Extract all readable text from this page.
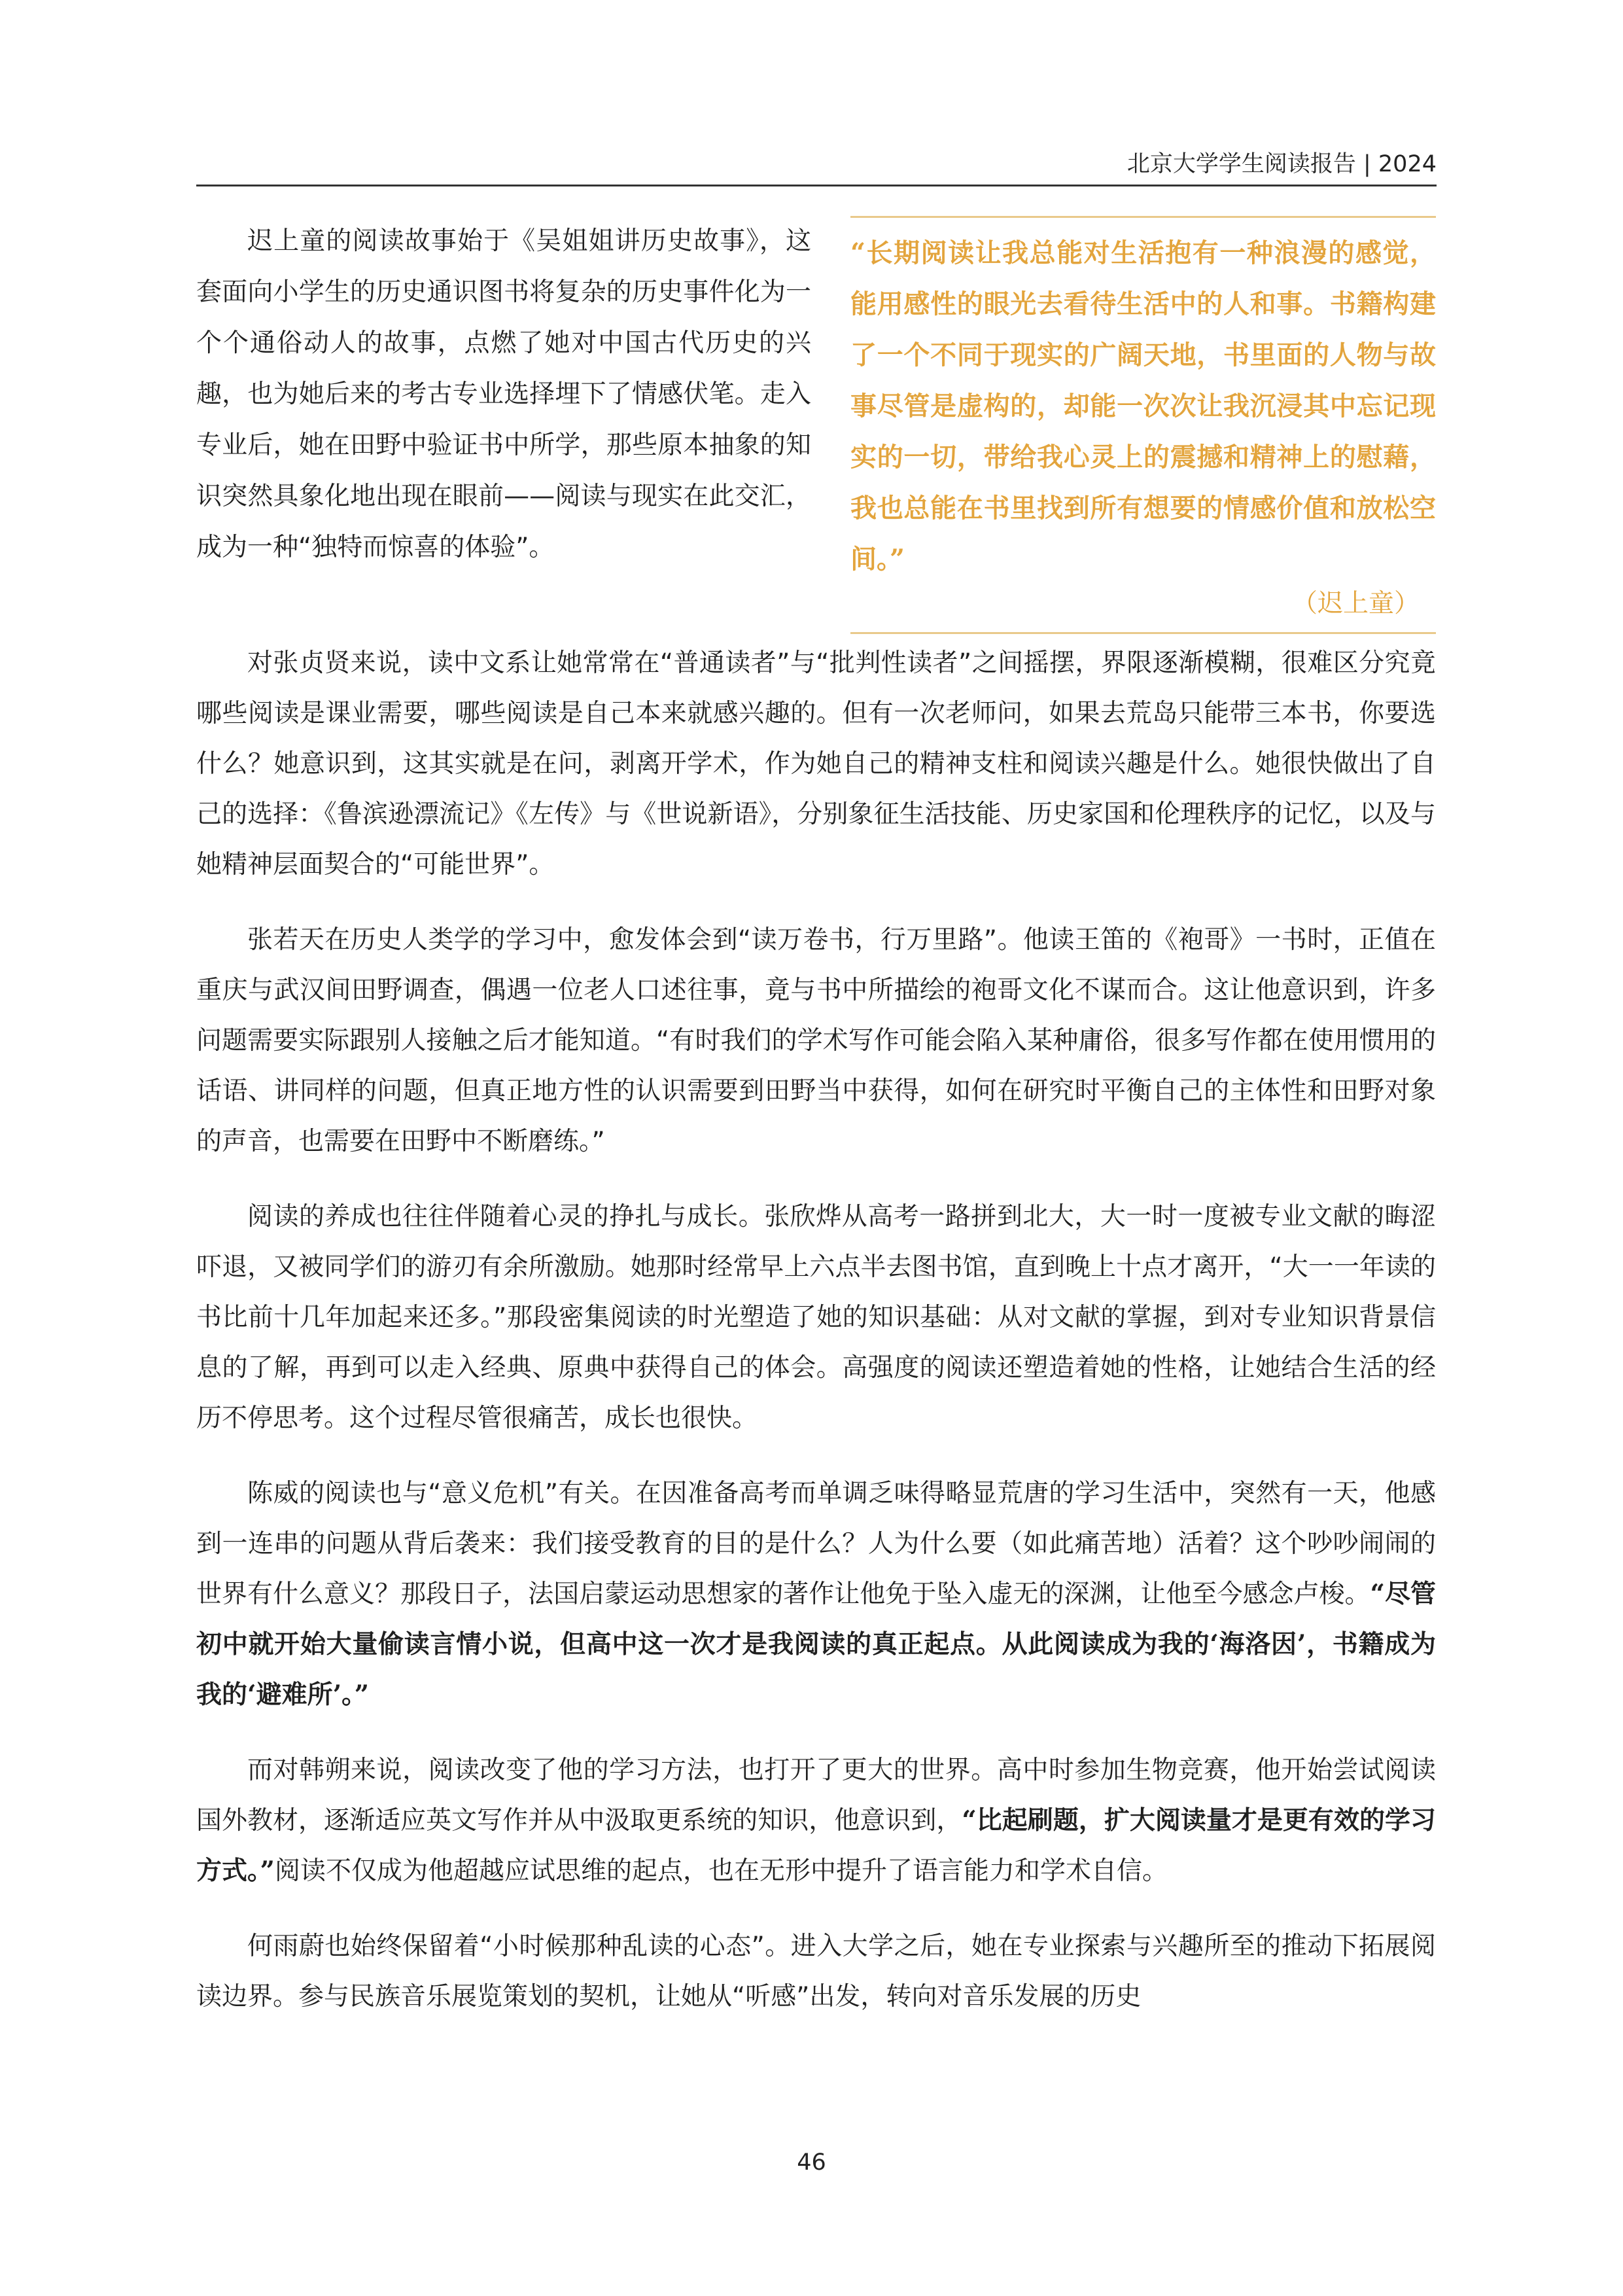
北京大学学生阅读报告 | 2024

迟上童的阅读故事始于《吴姐姐讲历史故事》，这套面向小学生的历史通识图书将复杂的历史事件化为一个个通俗动人的故事，点燃了她对中国古代历史的兴趣，也为她后来的考古专业选择埋下了情感伏笔。走入专业后，她在田野中验证书中所学，那些原本抽象的知识突然具象化地出现在眼前——阅读与现实在此交汇，成为一种“独特而惊喜的体验”。

“长期阅读让我总能对生活抱有一种浪漫的感觉，能用感性的眼光去看待生活中的人和事。书籍构建了一个不同于现实的广阔天地，书里面的人物与故事尽管是虚构的，却能一次次让我沉浸其中忘记现实的一切，带给我心灵上的震撼和精神上的慰藉，我也总能在书里找到所有想要的情感价值和放松空间。”

（迟上童）

对张贞贤来说，读中文系让她常常在“普通读者”与“批判性读者”之间摇摆，界限逐渐模糊，很难区分究竟哪些阅读是课业需要，哪些阅读是自己本来就感兴趣的。但有一次老师问，如果去荒岛只能带三本书，你要选什么？她意识到，这其实就是在问，剥离开学术，作为她自己的精神支柱和阅读兴趣是什么。她很快做出了自己的选择：《鲁滨逊漂流记》《左传》与《世说新语》，分别象征生活技能、历史家国和伦理秩序的记忆，以及与她精神层面契合的“可能世界”。

张若天在历史人类学的学习中，愈发体会到“读万卷书，行万里路”。他读王笛的《袍哥》一书时，正值在重庆与武汉间田野调查，偶遇一位老人口述往事，竟与书中所描绘的袍哥文化不谋而合。这让他意识到，许多问题需要实际跟别人接触之后才能知道。“有时我们的学术写作可能会陷入某种庸俗，很多写作都在使用惯用的话语、讲同样的问题，但真正地方性的认识需要到田野当中获得，如何在研究时平衡自己的主体性和田野对象的声音，也需要在田野中不断磨练。”

阅读的养成也往往伴随着心灵的挣扎与成长。张欣烨从高考一路拼到北大，大一时一度被专业文献的晦涩吓退，又被同学们的游刃有余所激励。她那时经常早上六点半去图书馆，直到晚上十点才离开，“大一一年读的书比前十几年加起来还多。”那段密集阅读的时光塑造了她的知识基础：从对文献的掌握，到对专业知识背景信息的了解，再到可以走入经典、原典中获得自己的体会。高强度的阅读还塑造着她的性格，让她结合生活的经历不停思考。这个过程尽管很痛苦，成长也很快。

陈威的阅读也与“意义危机”有关。在因准备高考而单调乏味得略显荒唐的学习生活中，突然有一天，他感到一连串的问题从背后袭来：我们接受教育的目的是什么？人为什么要（如此痛苦地）活着？这个吵吵闹闹的世界有什么意义？那段日子，法国启蒙运动思想家的著作让他免于坠入虚无的深渊，让他至今感念卢梭。“尽管初中就开始大量偷读言情小说，但高中这一次才是我阅读的真正起点。从此阅读成为我的‘海洛因’，书籍成为我的‘避难所’。”

而对韩朔来说，阅读改变了他的学习方法，也打开了更大的世界。高中时参加生物竞赛，他开始尝试阅读国外教材，逐渐适应英文写作并从中汲取更系统的知识，他意识到，“比起刷题，扩大阅读量才是更有效的学习方式。”阅读不仅成为他超越应试思维的起点，也在无形中提升了语言能力和学术自信。

何雨蔚也始终保留着“小时候那种乱读的心态”。进入大学之后，她在专业探索与兴趣所至的推动下拓展阅读边界。参与民族音乐展览策划的契机，让她从“听感”出发，转向对音乐发展的历史

46
